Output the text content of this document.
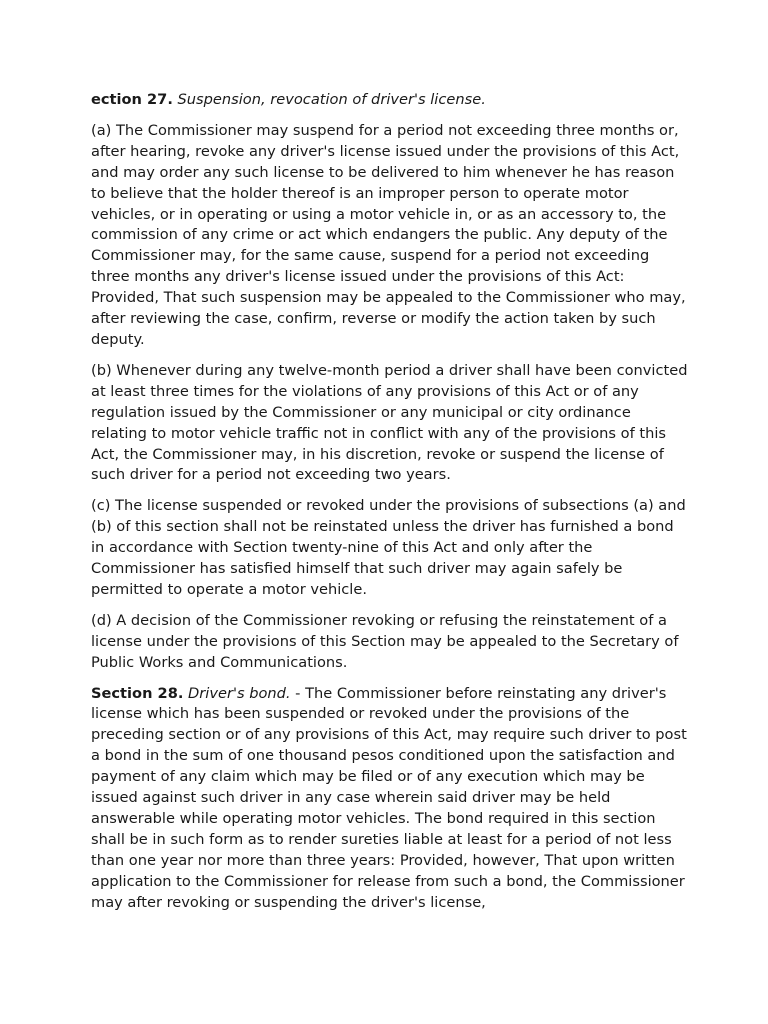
ection 27. Suspension, revocation of driver's license.

(a) The Commissioner may suspend for a period not exceeding three months or, after hearing, revoke any driver's license issued under the provisions of this Act, and may order any such license to be delivered to him whenever he has reason to believe that the holder thereof is an improper person to operate motor vehicles, or in operating or using a motor vehicle in, or as an accessory to, the commission of any crime or act which endangers the public. Any deputy of the Commissioner may, for the same cause, suspend for a period not exceeding three months any driver's license issued under the provisions of this Act: Provided, That such suspension may be appealed to the Commissioner who may, after reviewing the case, confirm, reverse or modify the action taken by such deputy.

(b) Whenever during any twelve-month period a driver shall have been convicted at least three times for the violations of any provisions of this Act or of any regulation issued by the Commissioner or any municipal or city ordinance relating to motor vehicle traffic not in conflict with any of the provisions of this Act, the Commissioner may, in his discretion, revoke or suspend the license of such driver for a period not exceeding two years.

(c) The license suspended or revoked under the provisions of subsections (a) and (b) of this section shall not be reinstated unless the driver has furnished a bond in accordance with Section twenty-nine of this Act and only after the Commissioner has satisfied himself that such driver may again safely be permitted to operate a motor vehicle.

(d) A decision of the Commissioner revoking or refusing the reinstatement of a license under the provisions of this Section may be appealed to the Secretary of Public Works and Communications.

Section 28. Driver's bond. - The Commissioner before reinstating any driver's license which has been suspended or revoked under the provisions of the preceding section or of any provisions of this Act, may require such driver to post a bond in the sum of one thousand pesos conditioned upon the satisfaction and payment of any claim which may be filed or of any execution which may be issued against such driver in any case wherein said driver may be held answerable while operating motor vehicles. The bond required in this section shall be in such form as to render sureties liable at least for a period of not less than one year nor more than three years: Provided, however, That upon written application to the Commissioner for release from such a bond, the Commissioner may after revoking or suspending the driver's license,
